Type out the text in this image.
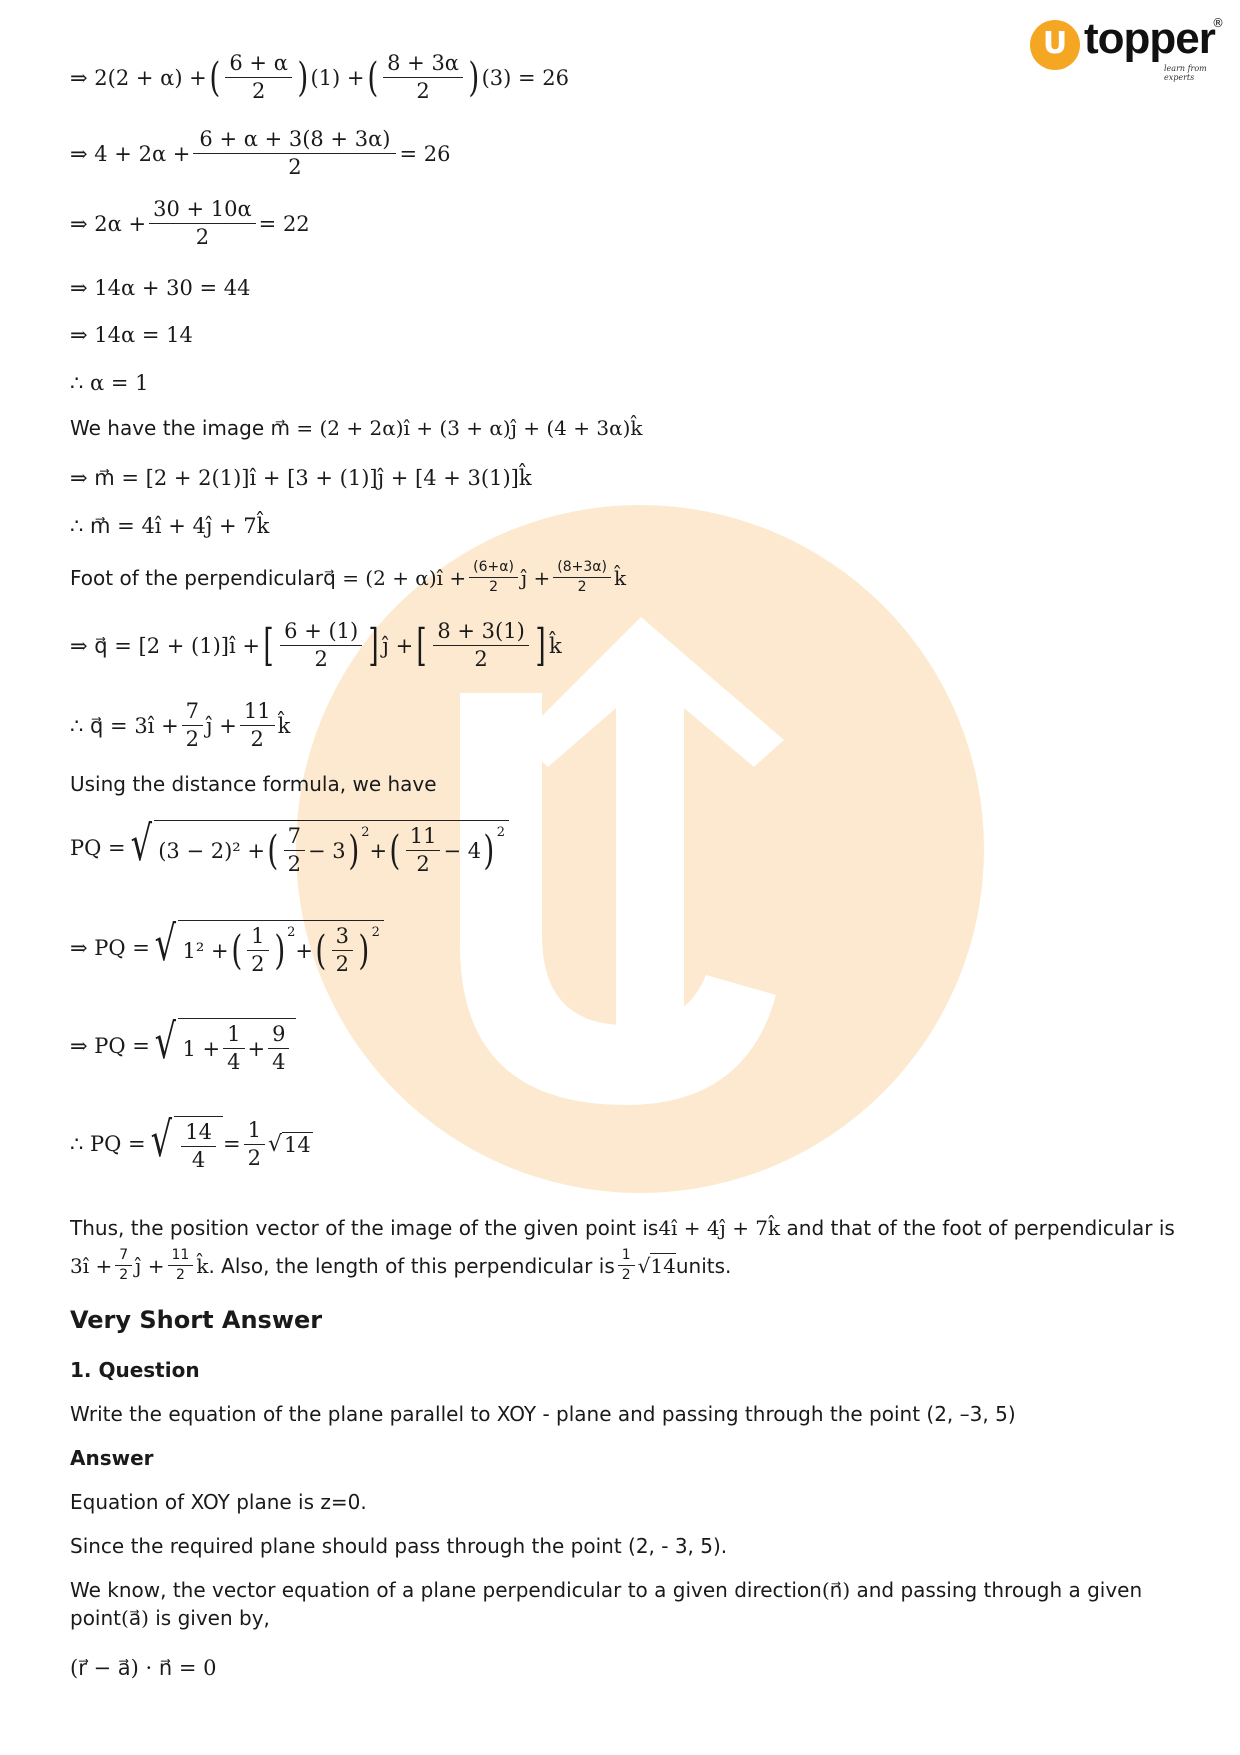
U topper
®
learn from experts
⇒ 2(2 + α) + ( 6 + α
2 ) (1) + ( 8 + 3α
2 ) (3) = 26
⇒ $4 + 2\alpha + \frac{6 + \alpha + 3(8 + 3\alpha)}{2} = 26$
⇒ $2\alpha + \frac{30 + 10\alpha}{2} = 22$
⇒ 14α + 30 = 44
⇒ 14α = 14
∴ α = 1
We have the image m⃗ = (2 + 2α)î + (3 + α)ĵ + (4 + 3α)k̂
⇒ m⃗ = [2 + 2(1)]î + [3 + (1)]ĵ + [4 + 3(1)]k̂
∴ m⃗ = 4î + 4ĵ + 7k̂
Foot of the perpendicular q⃗ = (2 + α)î + $\frac{(6+\alpha)}{2}$ ĵ + $\frac{(8+3\alpha)}{2}$ k̂
⇒ q⃗ = [2 + (1)]î + [ 6 + (1)
2 ] ĵ + [ 8 + 3(1)
2 ] k̂
∴ q⃗ = 3î + $\frac{7}{2}$ ĵ + $\frac{11}{2}$ k̂
Using the distance formula, we have
PQ = √ (3 − 2)² + ( 7
2
− 3 ) 2
+ ( 11
2
− 4 ) 2
⇒ PQ = √ 1² + ( 1
2 ) 2
+ ( 3
2 ) 2
⇒ PQ = √ $1 + \frac{1}{4} + \frac{9}{4}$
∴ PQ = √ 14
4
= $\frac{1}{2}$ √ 14
Thus, the position vector of the image of the given point is4î + 4ĵ + 7k̂ and that of the foot of perpendicular is
3î + $\frac{7}{2}$ ĵ + $\frac{11}{2}$ k̂ . Also, the length of this perpendicular is 1
2 √ 14 units.
Very Short Answer
1. Question
Write the equation of the plane parallel to XOY - plane and passing through the point (2, –3, 5)
Answer
Equation of XOY plane is z=0.
Since the required plane should pass through the point (2, - 3, 5).
We know, the vector equation of a plane perpendicular to a given direction(n⃗) and passing through a given
point(a⃗) is given by,
(r⃗ − a⃗) · n⃗ = 0
